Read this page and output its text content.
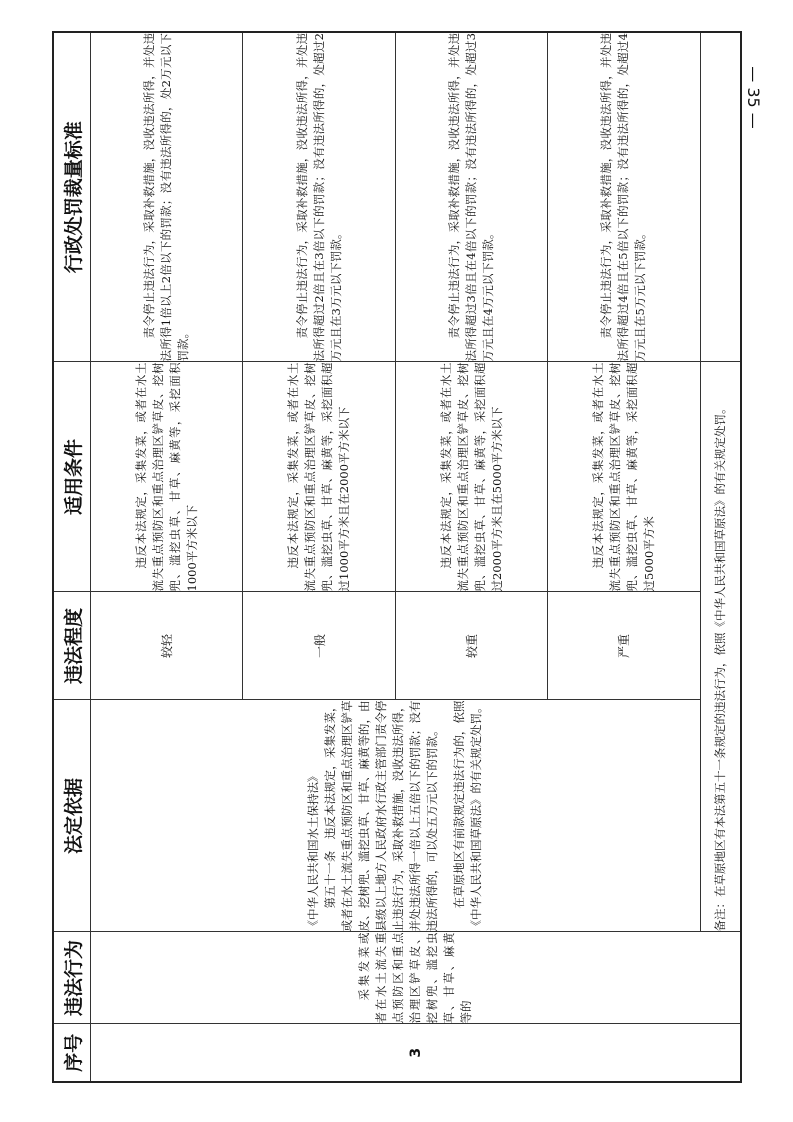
序号	违法行为	法定依据	违法程度	适用条件	行政处罚裁量标准
3	采集发菜或者在水土流失重点预防区和重点治理区铲草皮、挖树兜、滥挖虫草、甘草、麻黄等的	《中华人民共和国水土保持法》 第五十一条　违反本法规定，采集发菜，或者在水土流失重点预防区和重点治理区铲草皮、挖树兜、滥挖虫草、甘草、麻黄等的，由县级以上地方人民政府水行政主管部门责令停止违法行为，采取补救措施，没收违法所得，并处违法所得一倍以上五倍以下的罚款；没有违法所得的，可以处五万元以下的罚款。 在草原地区有前款规定违法行为的，依照《中华人民共和国草原法》的有关规定处罚。	较轻	违反本法规定，采集发菜，或者在水土流失重点预防区和重点治理区铲草皮、挖树兜、滥挖虫草、甘草、麻黄等，采挖面积1000平方米以下	责令停止违法行为，采取补救措施，没收违法所得，并处违法所得1倍以上2倍以下的罚款；没有违法所得的，处2万元以下罚款。

			一般	违反本法规定，采集发菜，或者在水土流失重点预防区和重点治理区铲草皮、挖树兜、滥挖虫草、甘草、麻黄等，采挖面积超过1000平方米且在2000平方米以下	责令停止违法行为，采取补救措施，没收违法所得，并处违法所得超过2倍且在3倍以下的罚款；没有违法所得的，处超过2万元且在3万元以下罚款。

			较重	违反本法规定，采集发菜，或者在水土流失重点预防区和重点治理区铲草皮、挖树兜、滥挖虫草、甘草、麻黄等，采挖面积超过2000平方米且在5000平方米以下	责令停止违法行为，采取补救措施，没收违法所得，并处违法所得超过3倍且在4倍以下的罚款；没有违法所得的，处超过3万元且在4万元以下罚款。

			严重	违反本法规定，采集发菜，或者在水土流失重点预防区和重点治理区铲草皮、挖树兜、滥挖虫草、甘草、麻黄等，采挖面积超过5000平方米	责令停止违法行为，采取补救措施，没收违法所得，并处违法所得超过4倍且在5倍以下的罚款；没有违法所得的，处超过4万元且在5万元以下罚款。

		备注：在草原地区有本法第五十一条规定的违法行为，依照《中华人民共和国草原法》的有关规定处罚。			
— 35 —
